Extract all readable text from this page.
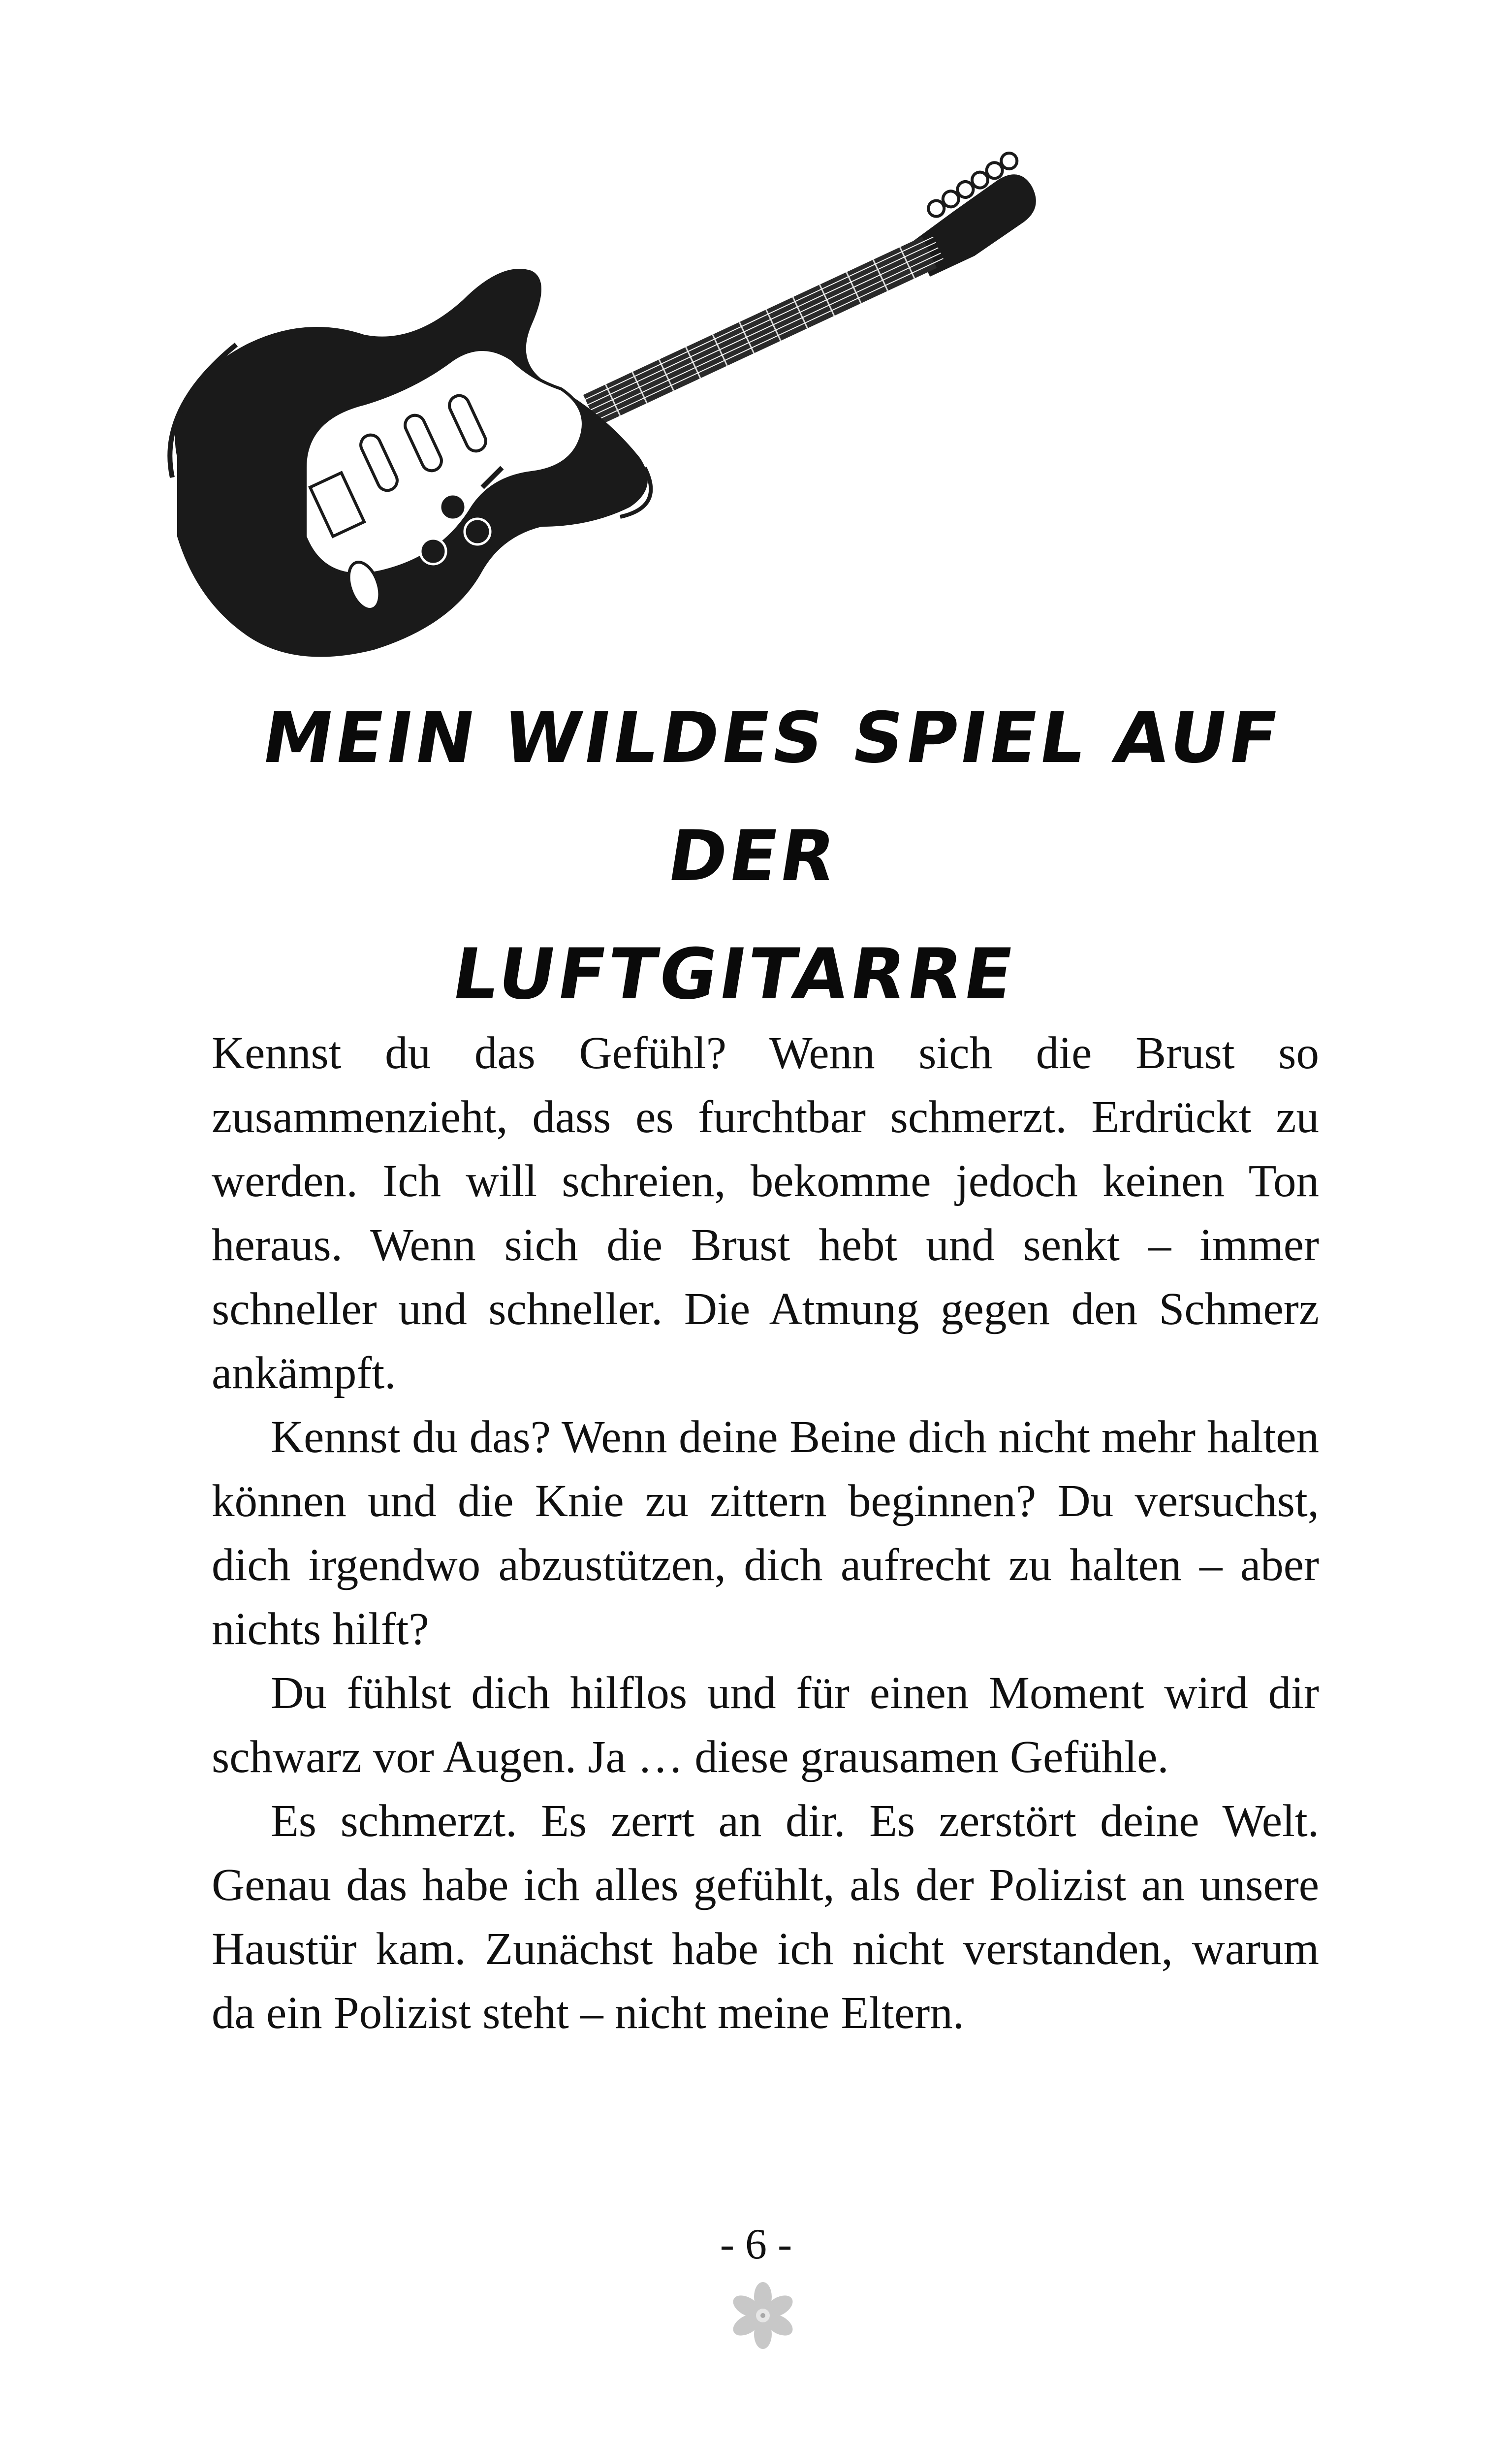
MEIN WILDES SPIEL AUF DER
LUFTGITARRE

Kennst du das Gefühl? Wenn sich die Brust so zusammenzieht, dass es furchtbar schmerzt. Erdrückt zu werden. Ich will schreien, bekomme jedoch keinen Ton heraus. Wenn sich die Brust hebt und senkt – immer schneller und schneller. Die Atmung gegen den Schmerz ankämpft.

Kennst du das? Wenn deine Beine dich nicht mehr halten können und die Knie zu zittern beginnen? Du versuchst, dich irgendwo abzustützen, dich aufrecht zu halten – aber nichts hilft?

Du fühlst dich hilflos und für einen Moment wird dir schwarz vor Augen. Ja … diese grausamen Gefühle.

Es schmerzt. Es zerrt an dir. Es zerstört deine Welt. Genau das habe ich alles gefühlt, als der Polizist an unsere Haustür kam. Zunächst habe ich nicht verstanden, warum da ein Polizist steht – nicht meine Eltern.

- 6 -
